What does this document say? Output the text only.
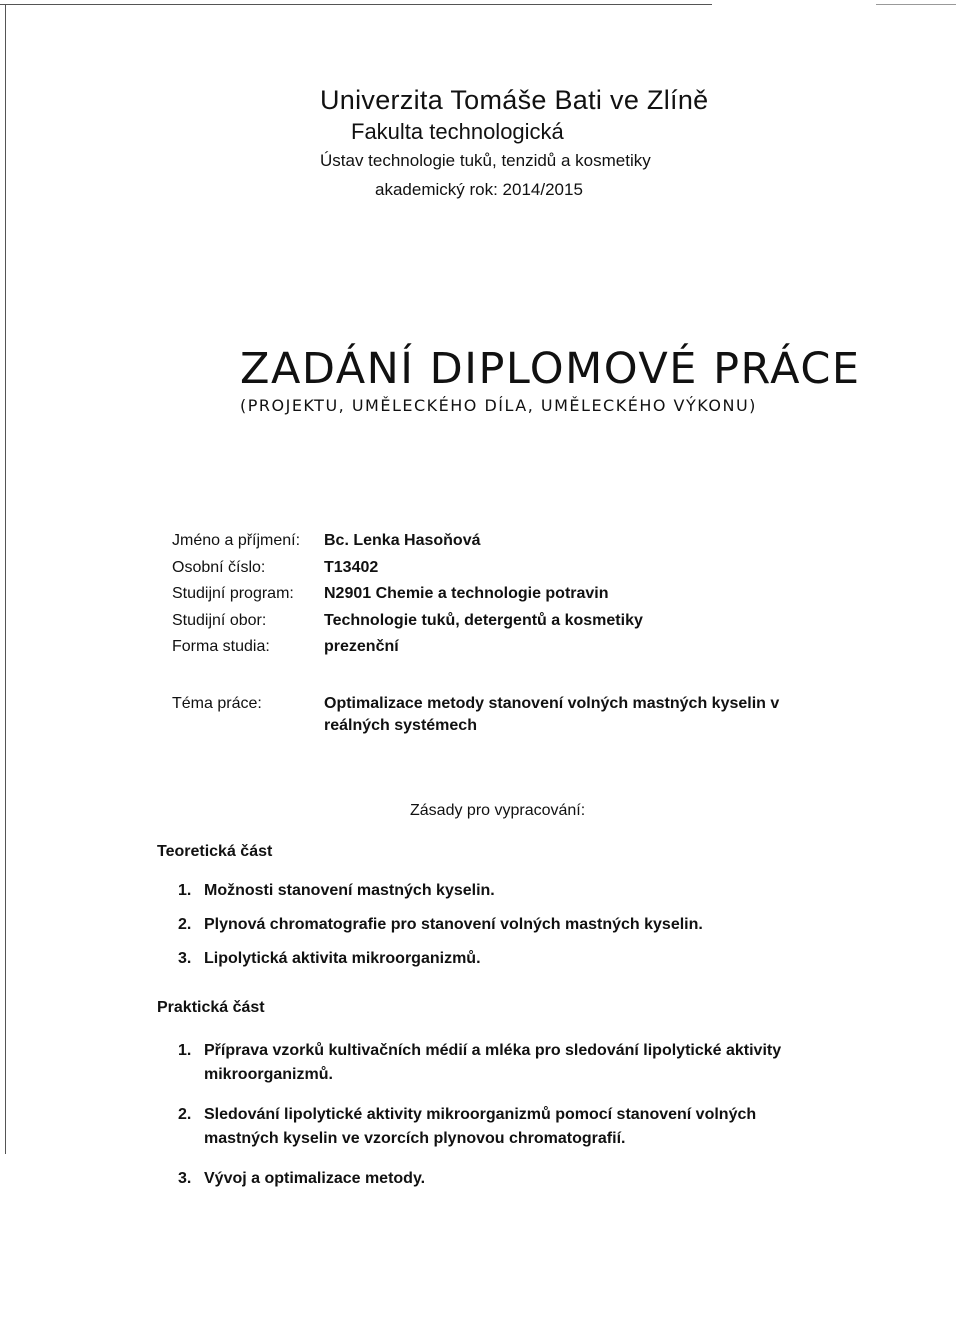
Univerzita Tomáše Bati ve Zlíně
Fakulta technologická
Ústav technologie tuků, tenzidů a kosmetiky
akademický rok: 2014/2015
ZADÁNÍ DIPLOMOVÉ PRÁCE
(PROJEKTU, UMĚLECKÉHO DÍLA, UMĚLECKÉHO VÝKONU)
Jméno a příjmení:	Bc. Lenka Hasoňová
Osobní číslo:	T13402
Studijní program:	N2901 Chemie a technologie potravin
Studijní obor:	Technologie tuků, detergentů a kosmetiky
Forma studia:	prezenční
Téma práce:	Optimalizace metody stanovení volných mastných kyselin v reálných systémech
Zásady pro vypracování:
Teoretická část
1. Možnosti stanovení mastných kyselin.
2. Plynová chromatografie pro stanovení volných mastných kyselin.
3. Lipolytická aktivita mikroorganizmů.
Praktická část
1. Příprava vzorků kultivačních médií a mléka pro sledování lipolytické aktivity mikroorganizmů.
2. Sledování lipolytické aktivity mikroorganizmů pomocí stanovení volných mastných kyselin ve vzorcích plynovou chromatografií.
3. Vývoj a optimalizace metody.
